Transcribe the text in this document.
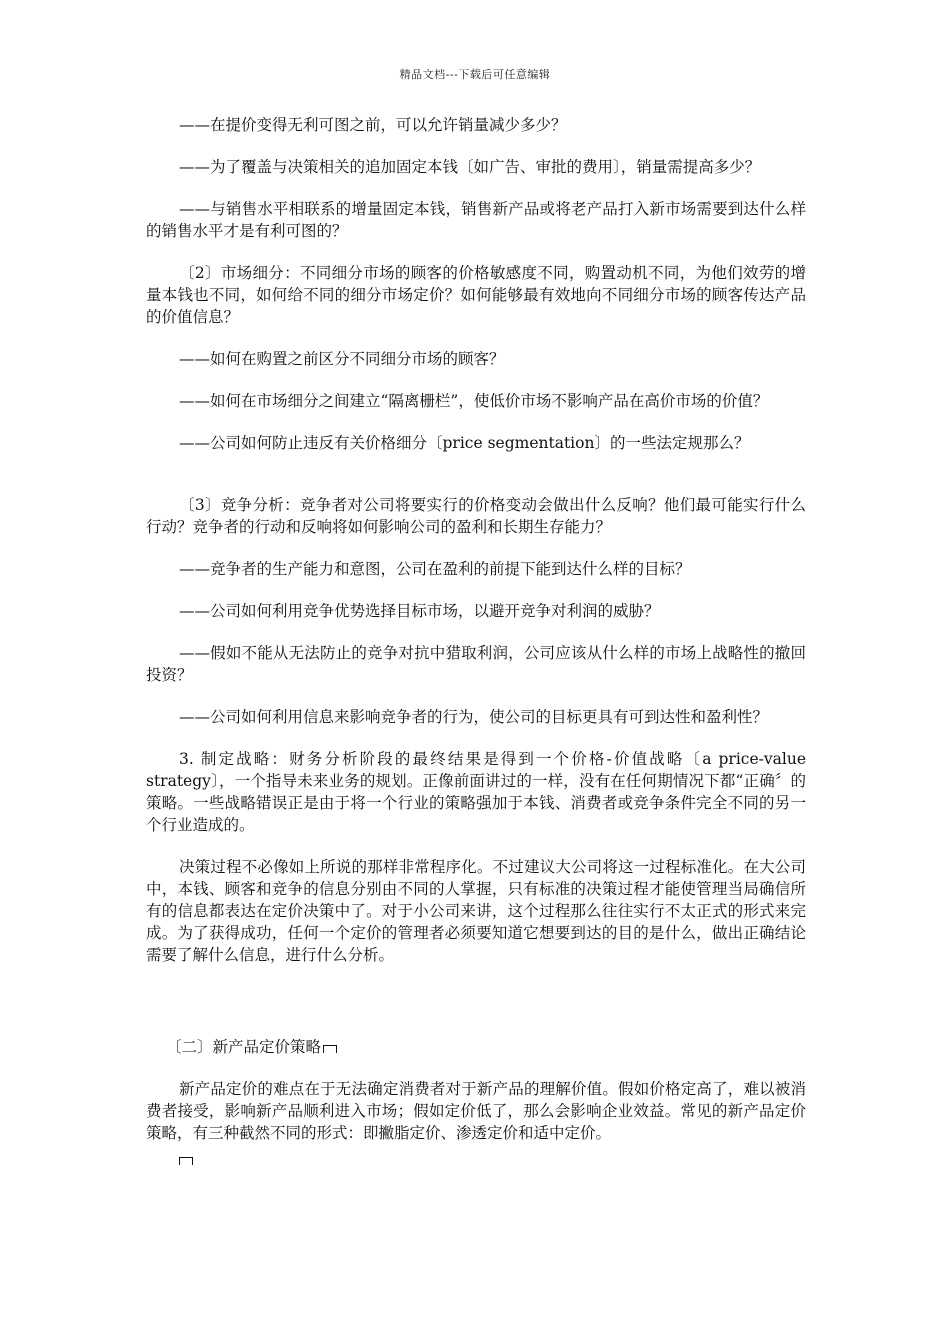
精品文档---下载后可任意编辑

——在提价变得无利可图之前，可以允许销量减少多少？

——为了覆盖与决策相关的追加固定本钱〔如广告、审批的费用〕，销量需提高多少？

——与销售水平相联系的增量固定本钱，销售新产品或将老产品打入新市场需要到达什么样的销售水平才是有利可图的？

〔2〕市场细分：不同细分市场的顾客的价格敏感度不同，购置动机不同，为他们效劳的增量本钱也不同，如何给不同的细分市场定价？如何能够最有效地向不同细分市场的顾客传达产品的价值信息？

——如何在购置之前区分不同细分市场的顾客？

——如何在市场细分之间建立“隔离栅栏”，使低价市场不影响产品在高价市场的价值？

——公司如何防止违反有关价格细分〔price segmentation〕的一些法定规那么？

〔3〕竞争分析：竞争者对公司将要实行的价格变动会做出什么反响？他们最可能实行什么行动？竞争者的行动和反响将如何影响公司的盈利和长期生存能力？

——竞争者的生产能力和意图，公司在盈利的前提下能到达什么样的目标？

——公司如何利用竞争优势选择目标市场，以避开竞争对利润的威胁？

——假如不能从无法防止的竞争对抗中猎取利润，公司应该从什么样的市场上战略性的撤回投资？

——公司如何利用信息来影响竞争者的行为，使公司的目标更具有可到达性和盈利性？

3. 制定战略：财务分析阶段的最终结果是得到一个价格-价值战略〔a price-value strategy〕，一个指导未来业务的规划。正像前面讲过的一样，没有在任何期情况下都“正确〞的策略。一些战略错误正是由于将一个行业的策略强加于本钱、消费者或竞争条件完全不同的另一个行业造成的。

决策过程不必像如上所说的那样非常程序化。不过建议大公司将这一过程标准化。在大公司中，本钱、顾客和竞争的信息分别由不同的人掌握，只有标准的决策过程才能使管理当局确信所有的信息都表达在定价决策中了。对于小公司来讲，这个过程那么往往实行不太正式的形式来完成。为了获得成功，任何一个定价的管理者必须要知道它想要到达的目的是什么，做出正确结论需要了解什么信息，进行什么分析。

〔二〕新产品定价策略

新产品定价的难点在于无法确定消费者对于新产品的理解价值。假如价格定高了，难以被消费者接受，影响新产品顺利进入市场；假如定价低了，那么会影响企业效益。常见的新产品定价策略，有三种截然不同的形式：即撇脂定价、渗透定价和适中定价。
